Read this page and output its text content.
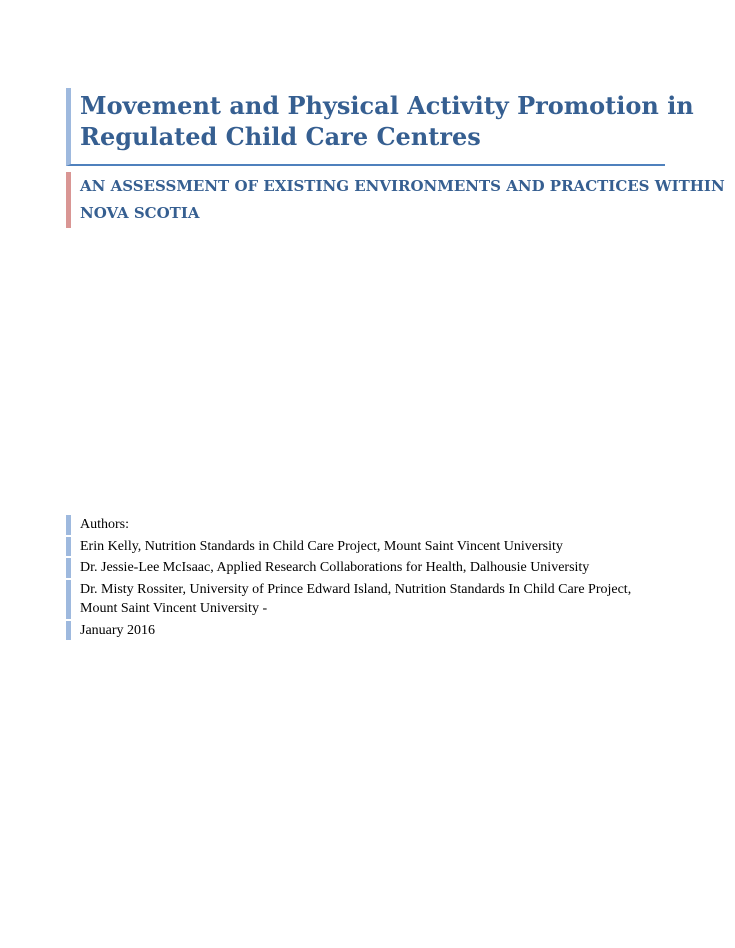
Movement and Physical Activity Promotion in
Regulated Child Care Centres
AN ASSESSMENT OF EXISTING ENVIRONMENTS AND PRACTICES WITHIN
NOVA SCOTIA

Authors:

Erin Kelly, Nutrition Standards in Child Care Project, Mount Saint Vincent University

Dr. Jessie-Lee McIsaac, Applied Research Collaborations for Health, Dalhousie University

Dr. Misty Rossiter, University of Prince Edward Island, Nutrition Standards In Child Care Project, Mount Saint Vincent University -

January 2016
